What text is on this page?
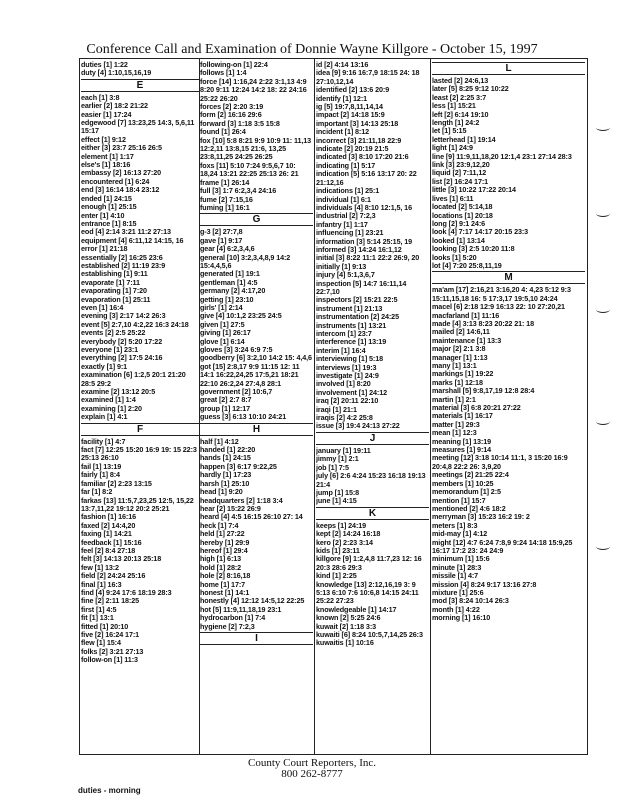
Conference Call and Examination of Donnie Wayne Killgore - October 15, 1997
duties [1] 1:22
duty [4] 1:10,15,16,19
E
each [1] 3:8
earlier [2] 18:2 21:22
easier [1] 17:24
edgewood [7] 13:23,25 14:3, 5,6,11 15:17
effect [1] 9:12
either [3] 23:7 25:16 26:5
element [1] 1:17
else's [1] 18:16
embassy [2] 16:13 27:20
encountered [1] 6:24
end [3] 16:14 18:4 23:12
ended [1] 24:15
enough [1] 25:15
enter [1] 4:10
entrance [1] 8:15
eod [4] 2:14 3:21 11:2 27:13
equipment [4] 6:11,12 14:15, 16
error [1] 21:18
essentially [2] 16:25 23:6
established [2] 11:19 23:9
establishing [1] 9:11
evaporate [1] 7:11
evaporating [1] 7:20
evaporation [1] 25:11
even [1] 16:4
evening [3] 2:17 14:2 26:3
event [5] 2:7,10 4:2,22 16:3 24:18
events [2] 2:5 25:22
everybody [2] 5:20 17:22
everyone [1] 23:1
everything [2] 17:5 24:16
exactly [1] 9:1
examination [6] 1:2,5 20:1 21:20 28:5 29:2
examine [2] 13:12 20:5
examined [1] 1:4
examining [1] 2:20
explain [1] 4:1
F
facility [1] 4:7
fact [7] 12:25 15:20 16:9 19: 15 22:3 25:13 26:10
fail [1] 13:19
fairly [1] 8:4
familiar [2] 2:23 13:15
far [1] 8:2
farkas [13] 11:5,7,23,25 12:5, 15,22 13:7,11,22 19:12 20:2 25:21
fashion [1] 16:16
faxed [2] 14:4,20
faxing [1] 14:21
feedback [1] 15:16
feel [2] 8:4 27:18
felt [3] 14:13 20:13 25:18
few [1] 13:2
field [2] 24:24 25:16
final [1] 16:3
find [4] 9:24 17:6 18:19 28:3
fine [2] 2:11 18:25
first [1] 4:5
fit [1] 13:1
fitted [1] 20:10
five [2] 16:24 17:1
flew [1] 15:4
folks [2] 3:21 27:13
follow-on [1] 11:3
following-on [1] 22:4
follows [1] 1:4
force [14] 1:16,24 2:22 3:1,13 4:9 8:20 9:11 12:24 14:2 18: 22 24:16 25:22 26:20
forces [2] 2:20 3:19
form [2] 16:16 29:6
forward [3] 1:18 3:5 15:8
found [1] 26:4
fox [10] 5:8 8:21 9:9 10:9 11: 11,13 12:2,11 13:8,15 21:6, 13,25 23:8,11,25 24:25 26:25
foxs [11] 5:10 7:24 9:5,6,7 10: 18,24 13:21 22:25 25:13 26: 21
frame [1] 26:14
full [3] 1:7 6:2,3,4 24:16
fume [2] 7:15,16
fuming [1] 16:1
G
g-3 [2] 27:7,8
gave [1] 9:17
gear [4] 6:2,3,4,6
general [10] 3:2,3,4,8,9 14:2 15:4,4,5,6
generated [1] 19:1
gentleman [1] 4:5
germany [2] 4:17,20
getting [1] 23:10
girls' [1] 2:14
give [4] 10:1,2 23:25 24:5
given [1] 27:5
giving [1] 26:17
glove [1] 6:14
gloves [3] 3:24 6:9 7:5
goodberry [6] 3:2,10 14:2 15: 4,4,6
got [15] 2:8,17 9:9 11:15 12: 11 14:1 16:22,24,25 17:5,21 18:21 22:10 26:2,24 27:4,8 28:1
government [2] 10:6,7
great [2] 2:7 8:7
group [1] 12:17
guess [3] 6:13 10:10 24:21
H
half [1] 4:12
handed [1] 22:20
hands [1] 24:15
happen [3] 6:17 9:22,25
hardly [1] 17:23
harsh [1] 25:10
head [1] 9:20
headquarters [2] 1:18 3:4
hear [2] 15:22 26:9
heard [4] 4:5 16:15 26:10 27: 14
heck [1] 7:4
held [1] 27:22
hereby [1] 29:9
hereof [1] 29:4
high [1] 6:13
hold [1] 28:2
hole [2] 8:16,18
home [1] 17:7
honest [1] 14:1
honestly [4] 12:12 14:5,12 22:25
hot [5] 11:9,11,18,19 23:1
hydrocarbon [1] 7:4
hygiene [2] 7:2,3
I
id [2] 4:14 13:16
idea [9] 9:16 16:7,9 18:15 24: 18 27:10,12,14
identified [2] 13:6 20:9
identify [1] 12:1
ig [5] 19:7,8,11,14,14
impact [2] 14:18 15:9
important [3] 14:13 25:18
incident [1] 8:12
incorrect [3] 21:11,18 22:9
indicate [2] 20:19 21:5
indicated [3] 8:10 17:20 21:6
indicating [1] 5:17
indication [5] 5:16 13:17 20: 22 21:12,16
indications [1] 25:1
individual [1] 6:1
individuals [4] 8:10 12:1,5, 16
industrial [2] 7:2,3
infantry [1] 1:17
influencing [1] 23:21
information [3] 5:14 25:15, 19
informed [3] 14:24 16:1,12
initial [3] 8:22 11:1 22:2 26:9, 20
initially [1] 9:13
injury [4] 5:1,3,6,7
inspection [5] 14:7 16:11,14 22:7,10
inspectors [2] 15:21 22:5
instrument [1] 21:13
instrumentation [2] 24:25
instruments [1] 13:21
intercom [1] 23:7
interference [1] 13:19
interim [1] 16:4
interviewing [1] 5:18
interviews [1] 19:3
investigate [1] 24:9
involved [1] 8:20
involvement [1] 24:12
iraq [2] 20:11 22:10
iraqi [1] 21:1
iraqis [2] 4:2 25:8
issue [3] 19:4 24:13 27:22
J
january [1] 19:11
jimmy [1] 2:1
job [1] 7:5
july [6] 2:6 4:24 15:23 16:18 19:13 21:4
jump [1] 15:8
june [1] 4:15
K
keeps [1] 24:19
kept [2] 14:24 16:18
kero [2] 2:23 3:14
kids [1] 23:11
killgore [9] 1:2,4,8 11:7,23 12: 16 20:3 28:6 29:3
kind [1] 2:25
knowledge [13] 2:12,16,19 3: 9 5:13 6:10 7:6 10:6,8 14:15 24:11 25:22 27:23
knowledgeable [1] 14:17
known [2] 5:25 24:6
kuwait [2] 1:18 3:3
kuwaiti [6] 8:24 10:5,7,14,25 26:3
kuwaitis [1] 10:16
L
lasted [2] 24:6,13
later [5] 8:25 9:12 10:22
least [2] 2:25 3:7
less [1] 15:21
left [2] 6:14 19:10
length [1] 24:2
let [1] 5:15
letterhead [1] 19:14
light [1] 24:9
line [9] 11:9,11,18,20 12:1,4 23:1 27:14 28:3
link [3] 23:9,12,20
liquid [2] 7:11,12
list [2] 16:24 17:1
little [3] 10:22 17:22 20:14
lives [1] 6:11
located [2] 5:14,18
locations [1] 20:18
long [2] 9:1 24:6
look [4] 7:17 14:17 20:15 23:3
looked [1] 13:14
looking [3] 2:5 10:20 11:8
looks [1] 5:20
lot [4] 7:20 25:8,11,19
M
ma'am [17] 2:16,21 3:16,20 4: 4,23 5:12 9:3 15:11,15,18 16: 5 17:3,17 19:5,10 24:24
macel [6] 2:18 12:9 16:13 22: 10 27:20,21
macfarland [1] 11:16
made [4] 3:13 8:23 20:22 21: 18
mailed [2] 14:6,11
maintenance [1] 13:3
major [2] 2:1 3:8
manager [1] 1:13
many [1] 13:1
markings [1] 19:22
marks [1] 12:18
marshall [5] 9:8,17,19 12:8 28:4
martin [1] 2:1
material [3] 6:8 20:21 27:22
materials [1] 16:17
matter [1] 29:3
mean [1] 12:3
meaning [1] 13:19
measures [1] 9:14
meeting [12] 3:18 10:14 11:1, 3 15:20 16:9 20:4,8 22:2 26: 3,9,20
meetings [2] 21:25 22:4
members [1] 10:25
memorandum [1] 2:5
mention [1] 15:7
mentioned [2] 4:6 18:2
merryman [3] 15:23 16:2 19: 2
meters [1] 8:3
mid-may [1] 4:12
might [12] 4:7 6:24 7:8,9 9:24 14:18 15:9,25 16:17 17:2 23: 24 24:9
minimum [1] 15:6
minute [1] 28:3
missile [1] 4:7
mission [4] 8:24 9:17 13:16 27:8
mixture [1] 25:6
mod [3] 8:24 10:14 26:3
month [1] 4:22
morning [1] 16:10
County Court Reporters, Inc.
800 262-8777
duties - morning
